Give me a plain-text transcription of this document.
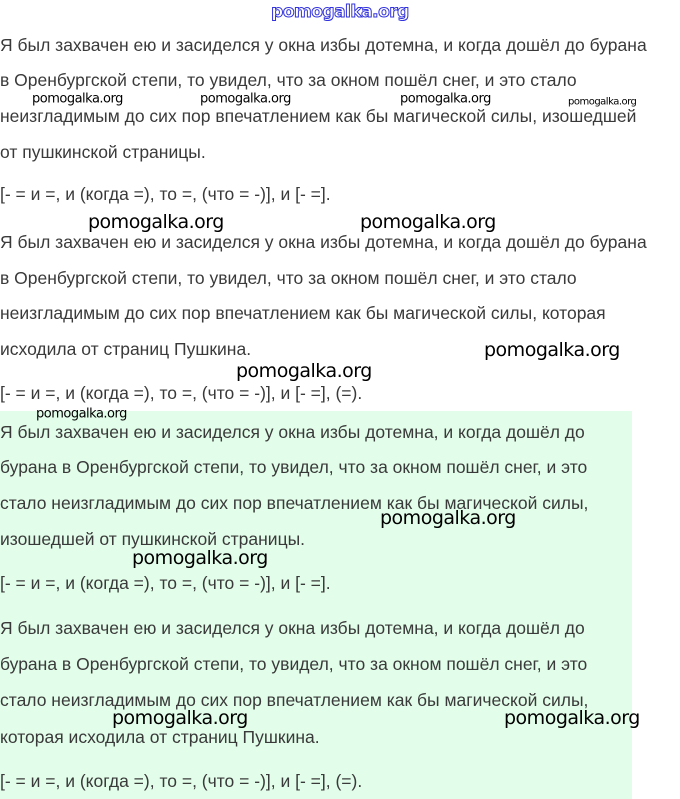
pomogalka.org
Я был захвачен ею и засиделся у окна избы дотемна, и когда дошёл до бурана
в Оренбургской степи, то увидел, что за окном пошёл снег, и это стало
неизгладимым до сих пор впечатлением как бы магической силы, изошедшей
от пушкинской страницы.
[- = и =, и (когда =), то =, (что = -)], и [- =].
Я был захвачен ею и засиделся у окна избы дотемна, и когда дошёл до бурана
в Оренбургской степи, то увидел, что за окном пошёл снег, и это стало
неизгладимым до сих пор впечатлением как бы магической силы, которая
исходила от страниц Пушкина.
[- = и =, и (когда =), то =, (что = -)], и [- =], (=).
Я был захвачен ею и засиделся у окна избы дотемна, и когда дошёл до
бурана в Оренбургской степи, то увидел, что за окном пошёл снег, и это
стало неизгладимым до сих пор впечатлением как бы магической силы,
изошедшей от пушкинской страницы.
[- = и =, и (когда =), то =, (что = -)], и [- =].
Я был захвачен ею и засиделся у окна избы дотемна, и когда дошёл до
бурана в Оренбургской степи, то увидел, что за окном пошёл снег, и это
стало неизгладимым до сих пор впечатлением как бы магической силы,
которая исходила от страниц Пушкина.
[- = и =, и (когда =), то =, (что = -)], и [- =], (=).
pomogalka.org	pomogalka.org	pomogalka.org	pomogalka.org
pomogalka.org	pomogalka.org
pomogalka.org
pomogalka.org
pomogalka.org
pomogalka.org
pomogalka.org
pomogalka.org	pomogalka.org
